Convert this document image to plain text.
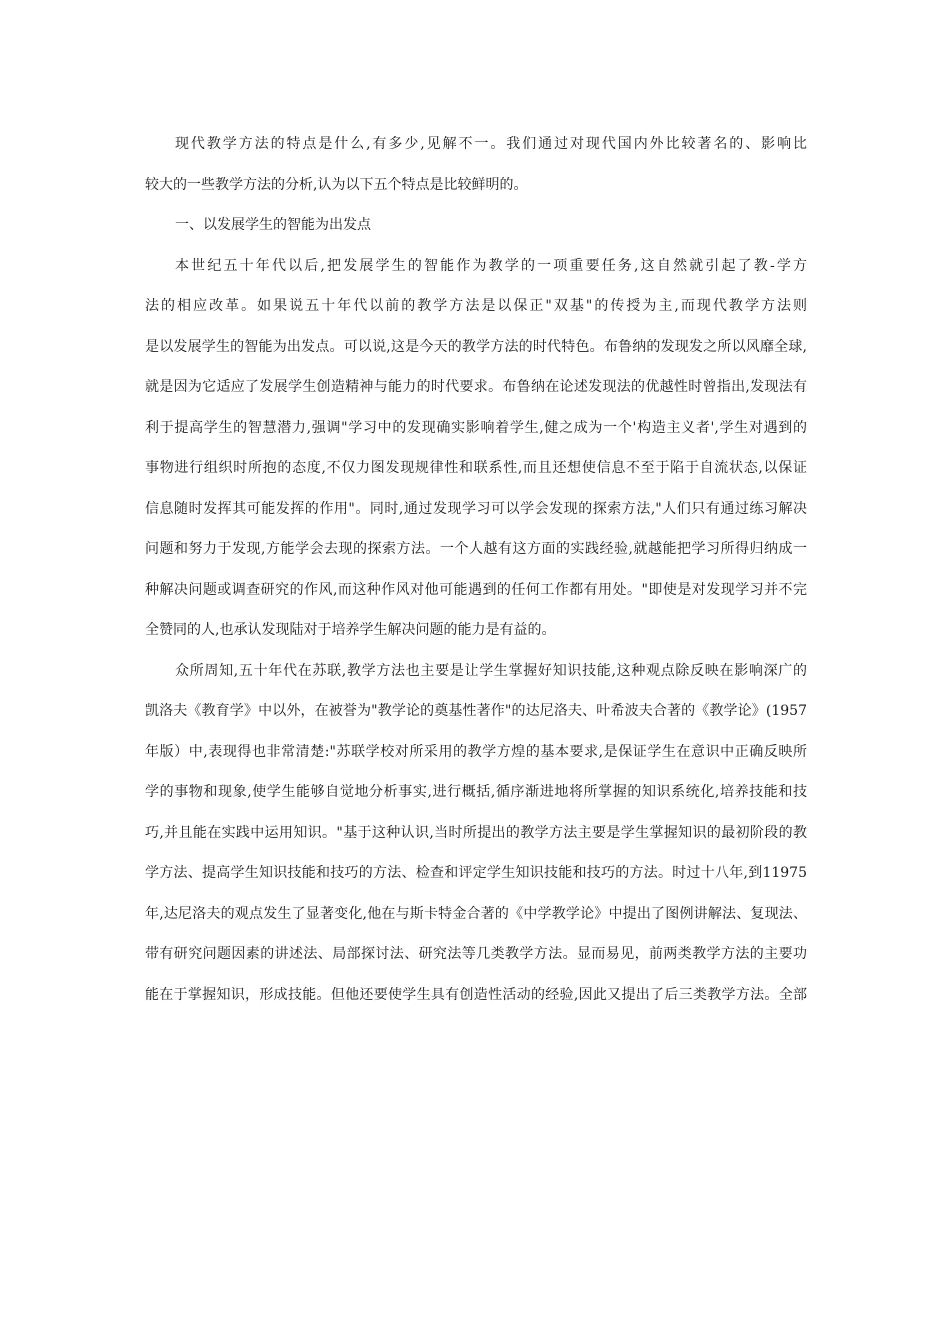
现代教学方法的特点是什么,有多少,见解不一。我们通过对现代国内外比较著名的、影响比
较大的一些教学方法的分析,认为以下五个特点是比较鲜明的。
一、以发展学生的智能为出发点
本世纪五十年代以后,把发展学生的智能作为教学的一项重要任务,这自然就引起了教-学方
法的相应改革。如果说五十年代以前的教学方法是以保正"双基"的传授为主,而现代教学方法则
是以发展学生的智能为出发点。可以说,这是今天的教学方法的时代特色。布鲁纳的发现发之所以风靡全球,
就是因为它适应了发展学生创造精神与能力的时代要求。布鲁纳在论述发现法的优越性时曾指出,发现法有
利于提高学生的智慧潜力,强调"学习中的发现确实影响着学生,健之成为一个'构造主义者',学生对遇到的
事物进行组织时所抱的态度,不仅力图发现规律性和联系性,而且还想使信息不至于陷于自流状态,以保证
信息随时发挥其可能发挥的作用"。同时,通过发现学习可以学会发现的探索方法,"人们只有通过练习解决
问题和努力于发现,方能学会去现的探索方法。一个人越有这方面的实践经验,就越能把学习所得归纳成一
种解决问题或调查研究的作风,而这种作风对他可能遇到的任何工作都有用处。"即使是对发现学习并不完
全赞同的人,也承认发现陆对于培养学生解决问题的能力是有益的。
众所周知,五十年代在苏联,教学方法也主要是让学生掌握好知识技能,这种观点除反映在影响深广的
凯洛夫《教育学》中以外，在被誉为"教学论的奠基性著作"的达尼洛夫、叶希波夫合著的《教学论》(1957
年版）中,表现得也非常清楚:"苏联学校对所采用的教学方煌的基本要求,是保证学生在意识中正确反映所
学的事物和现象,使学生能够自觉地分析事实,进行概括,循序渐进地将所掌握的知识系统化,培养技能和技
巧,并且能在实践中运用知识。"基于这种认识,当时所提出的教学方法主要是学生掌握知识的最初阶段的教
学方法、提高学生知识技能和技巧的方法、检查和评定学生知识技能和技巧的方法。时过十八年,到11975
年,达尼洛夫的观点发生了显著变化,他在与斯卡特金合著的《中学教学论》中提出了图例讲解法、复现法、
带有研究问题因素的讲述法、局部探讨法、研究法等几类教学方法。显而易见，前两类教学方法的主要功
能在于掌握知识，形成技能。但他还要使学生具有创造性活动的经验,因此又提出了后三类教学方法。全部
